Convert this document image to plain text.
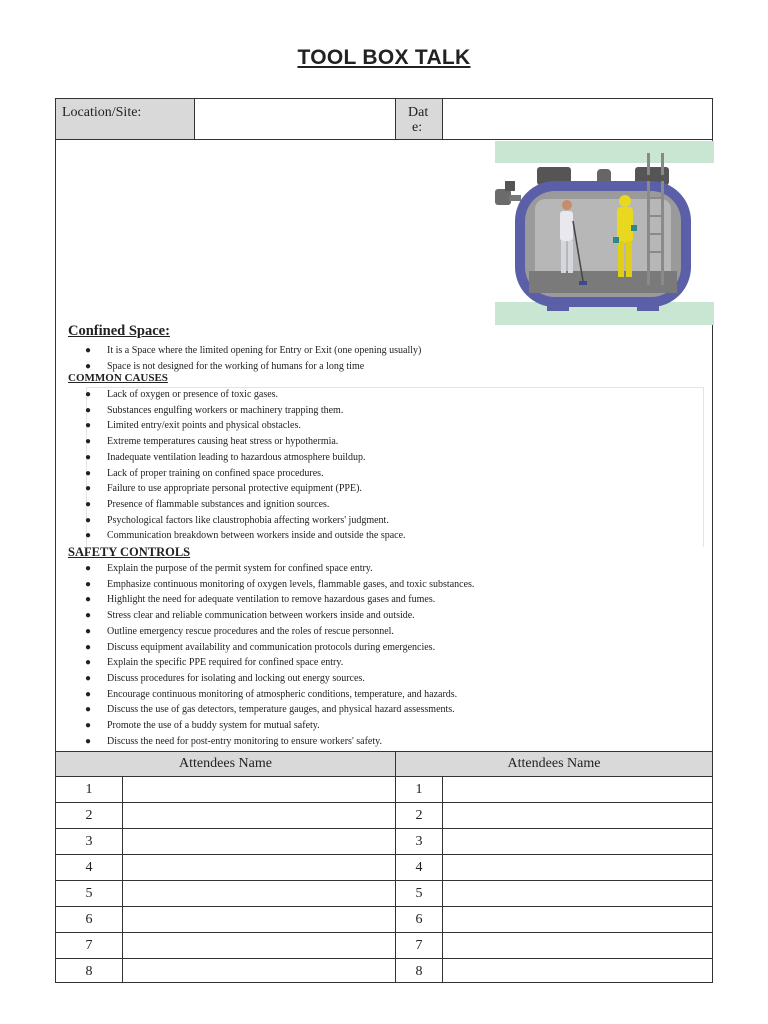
TOOL BOX TALK
Location/Site:	Dat
e:
Confined Space:
● It is a Space where the limited opening for Entry or Exit (one opening usually)
● Space is not designed for the working of humans for a long time
COMMON CAUSES
● Lack of oxygen or presence of toxic gases.
● Substances engulfing workers or machinery trapping them.
● Limited entry/exit points and physical obstacles.
● Extreme temperatures causing heat stress or hypothermia.
● Inadequate ventilation leading to hazardous atmosphere buildup.
● Lack of proper training on confined space procedures.
● Failure to use appropriate personal protective equipment (PPE).
● Presence of flammable substances and ignition sources.
● Psychological factors like claustrophobia affecting workers' judgment.
● Communication breakdown between workers inside and outside the space.
SAFETY CONTROLS
● Explain the purpose of the permit system for confined space entry.
● Emphasize continuous monitoring of oxygen levels, flammable gases, and toxic substances.
● Highlight the need for adequate ventilation to remove hazardous gases and fumes.
● Stress clear and reliable communication between workers inside and outside.
● Outline emergency rescue procedures and the roles of rescue personnel.
● Discuss equipment availability and communication protocols during emergencies.
● Explain the specific PPE required for confined space entry.
● Discuss procedures for isolating and locking out energy sources.
● Encourage continuous monitoring of atmospheric conditions, temperature, and hazards.
● Discuss the use of gas detectors, temperature gauges, and physical hazard assessments.
● Promote the use of a buddy system for mutual safety.
● Discuss the need for post-entry monitoring to ensure workers' safety.
Attendees Name	Attendees Name
1	1
2	2
3	3
4	4
5	5
6	6
7	7
8	8
